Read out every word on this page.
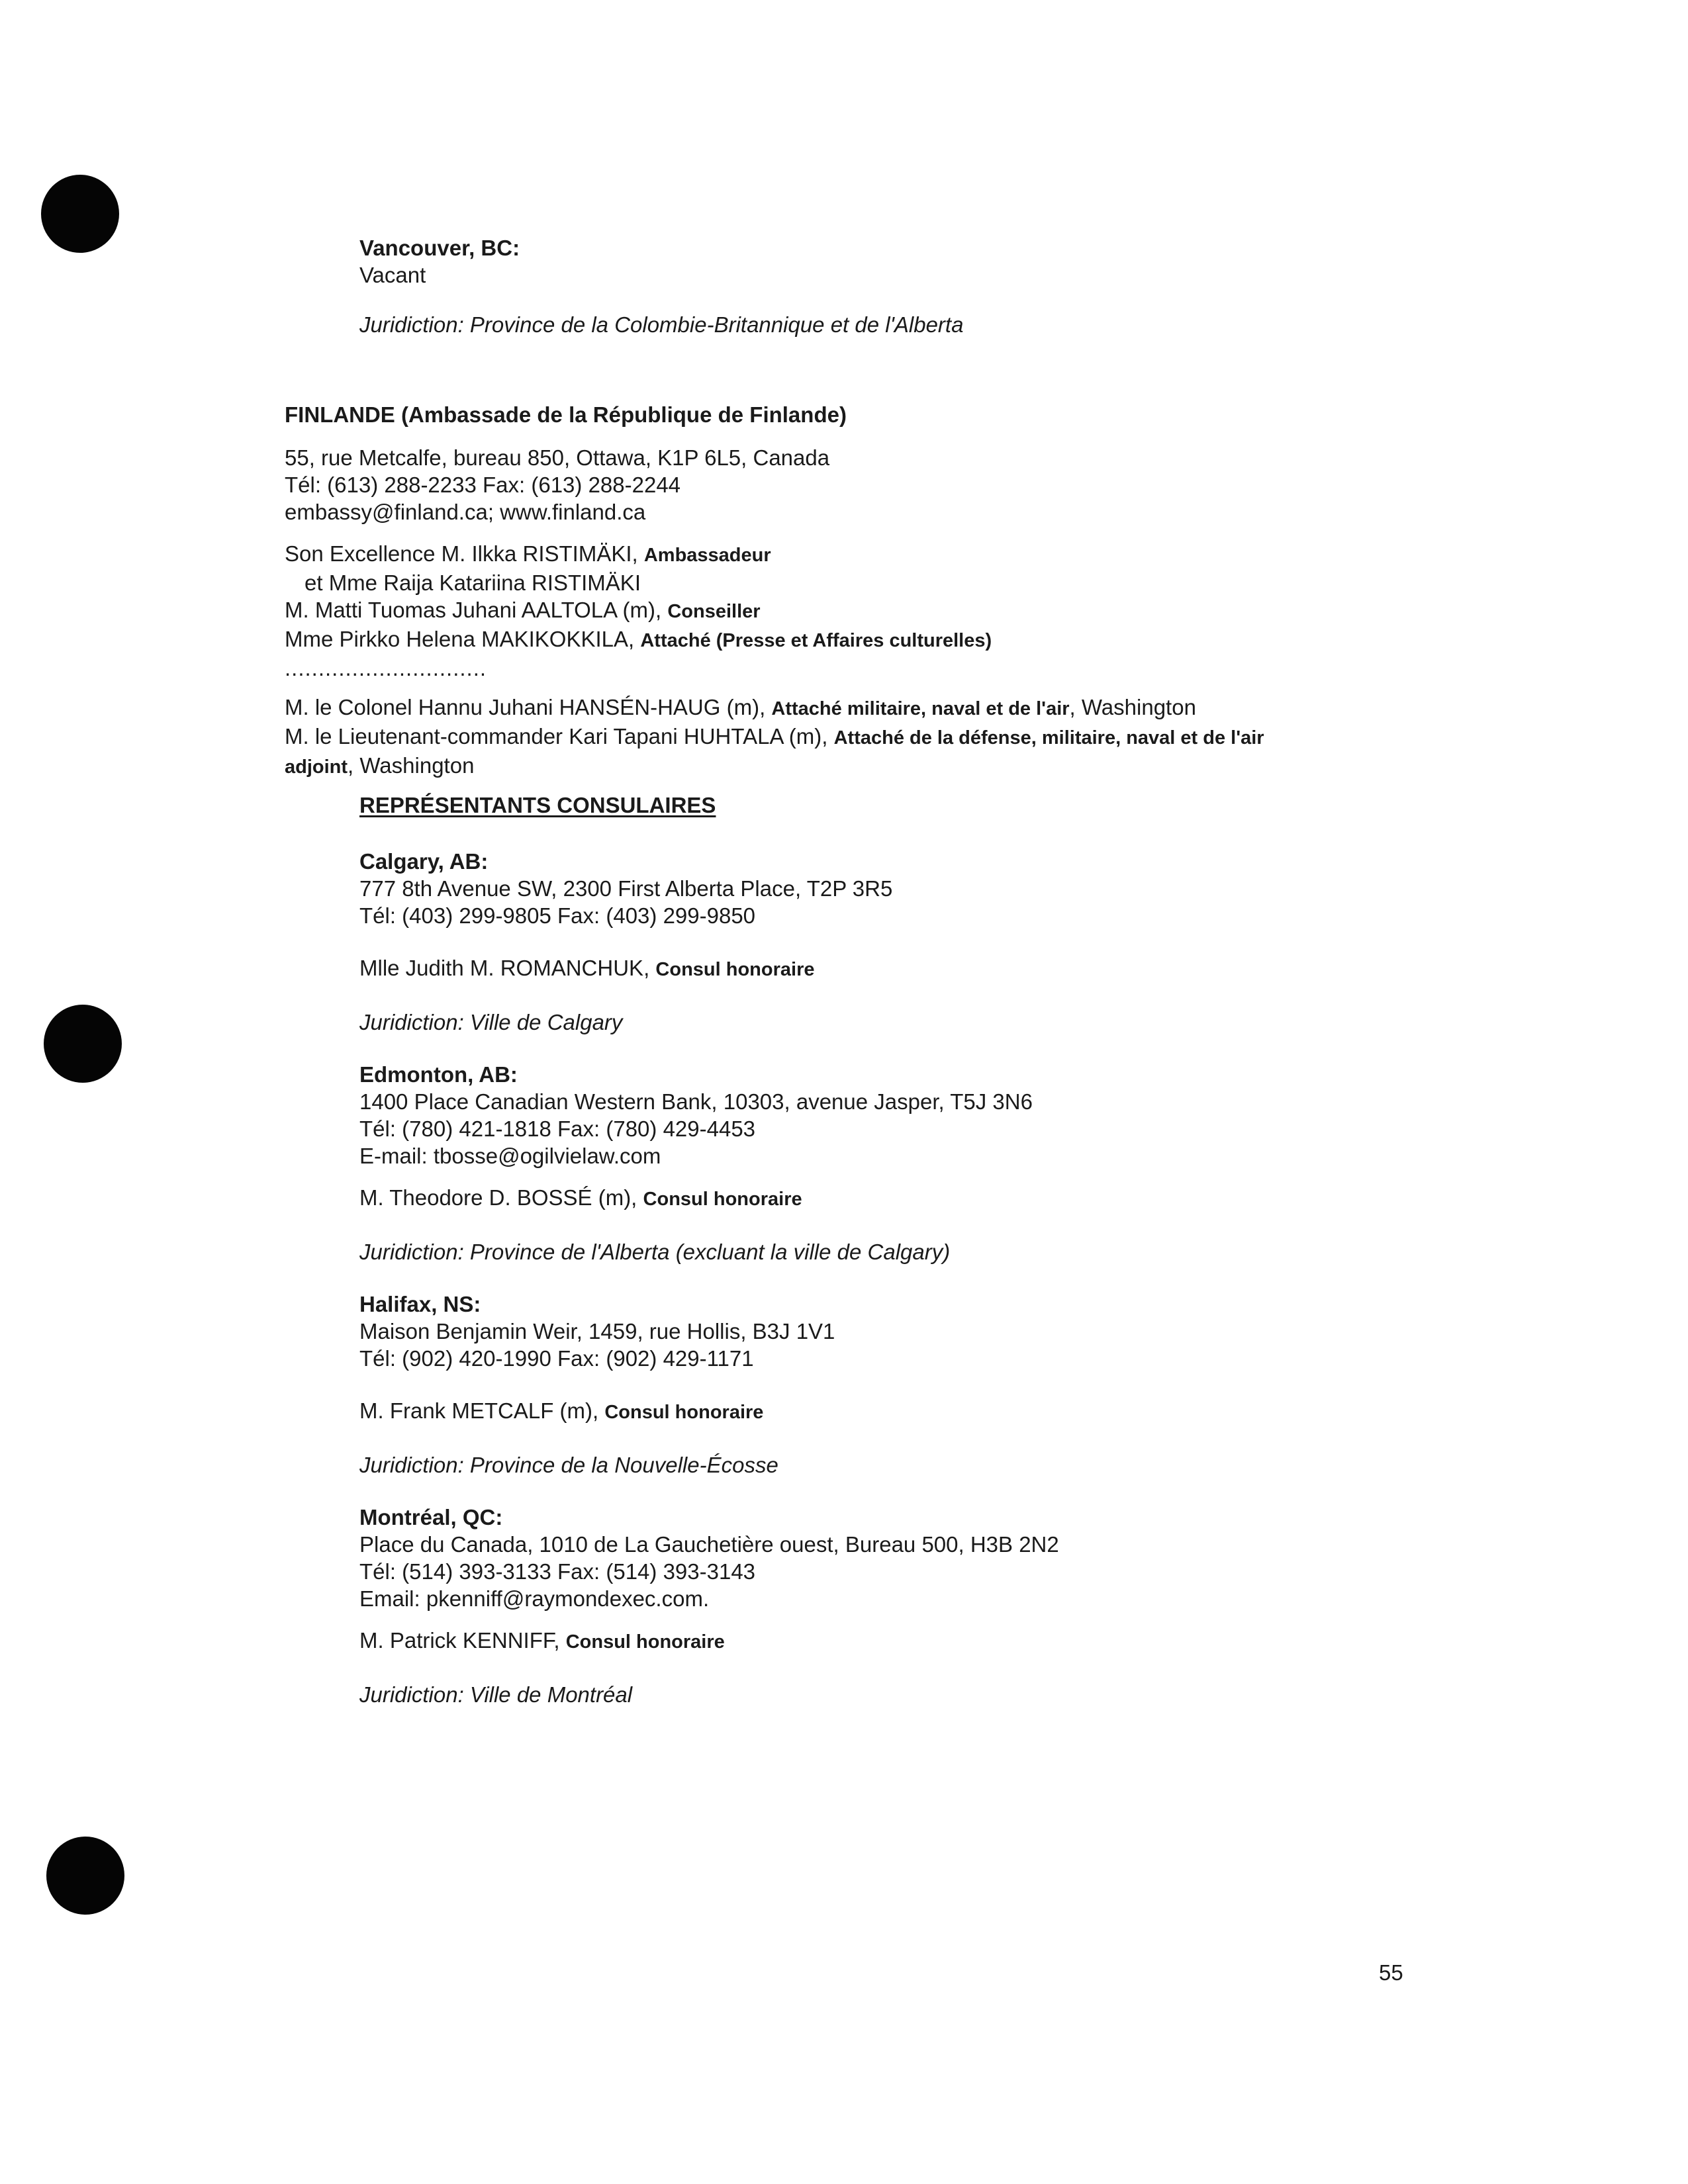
Vancouver, BC:
Vacant
Juridiction: Province de la Colombie-Britannique et de l'Alberta
FINLANDE (Ambassade de la République de Finlande)
55, rue Metcalfe, bureau 850, Ottawa, K1P 6L5, Canada
Tél: (613) 288-2233 Fax: (613) 288-2244
embassy@finland.ca; www.finland.ca
Son Excellence M. Ilkka RISTIMÄKI, Ambassadeur
et Mme Raija Katariina RISTIMÄKI
M. Matti Tuomas Juhani AALTOLA (m), Conseiller
Mme Pirkko Helena MAKIKOKKILA, Attaché (Presse et Affaires culturelles)
..............................
M. le Colonel Hannu Juhani HANSÉN-HAUG (m), Attaché militaire, naval et de l'air, Washington
M. le Lieutenant-commander Kari Tapani HUHTALA (m), Attaché de la défense, militaire, naval et de l'air
adjoint, Washington
REPRÉSENTANTS CONSULAIRES
Calgary, AB:
777 8th Avenue SW, 2300 First Alberta Place, T2P 3R5
Tél: (403) 299-9805 Fax: (403) 299-9850
Mlle Judith M. ROMANCHUK, Consul honoraire
Juridiction: Ville de Calgary
Edmonton, AB:
1400 Place Canadian Western Bank, 10303, avenue Jasper, T5J 3N6
Tél: (780) 421-1818 Fax: (780) 429-4453
E-mail: tbosse@ogilvielaw.com
M. Theodore D. BOSSÉ (m), Consul honoraire
Juridiction: Province de l'Alberta (excluant la ville de Calgary)
Halifax, NS:
Maison Benjamin Weir, 1459, rue Hollis, B3J 1V1
Tél: (902) 420-1990 Fax: (902) 429-1171
M. Frank METCALF (m), Consul honoraire
Juridiction: Province de la Nouvelle-Écosse
Montréal, QC:
Place du Canada, 1010 de La Gauchetière ouest, Bureau 500, H3B 2N2
Tél: (514) 393-3133 Fax: (514) 393-3143
Email: pkenniff@raymondexec.com.
M. Patrick KENNIFF, Consul honoraire
Juridiction: Ville de Montréal
55
